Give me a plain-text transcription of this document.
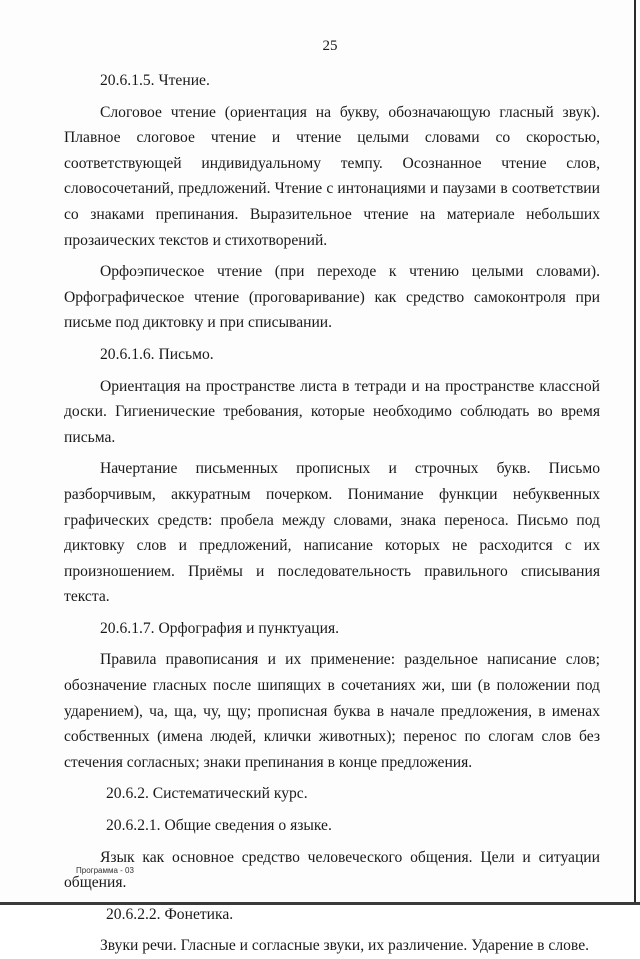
25

20.6.1.5. Чтение.

Слоговое чтение (ориентация на букву, обозначающую гласный звук). Плавное слоговое чтение и чтение целыми словами со скоростью, соответствующей индивидуальному темпу. Осознанное чтение слов, словосочетаний, предложений. Чтение с интонациями и паузами в соответствии со знаками препинания. Выразительное чтение на материале небольших прозаических текстов и стихотворений.

Орфоэпическое чтение (при переходе к чтению целыми словами). Орфографическое чтение (проговаривание) как средство самоконтроля при письме под диктовку и при списывании.

20.6.1.6. Письмо.

Ориентация на пространстве листа в тетради и на пространстве классной доски. Гигиенические требования, которые необходимо соблюдать во время письма.

Начертание письменных прописных и строчных букв. Письмо разборчивым, аккуратным почерком. Понимание функции небуквенных графических средств: пробела между словами, знака переноса. Письмо под диктовку слов и предложений, написание которых не расходится с их произношением. Приёмы и последовательность правильного списывания текста.

20.6.1.7. Орфография и пунктуация.

Правила правописания и их применение: раздельное написание слов; обозначение гласных после шипящих в сочетаниях жи, ши (в положении под ударением), ча, ща, чу, щу; прописная буква в начале предложения, в именах собственных (имена людей, клички животных); перенос по слогам слов без стечения согласных; знаки препинания в конце предложения.

20.6.2. Систематический курс.

20.6.2.1. Общие сведения о языке.

Язык как основное средство человеческого общения. Цели и ситуации общения.

20.6.2.2. Фонетика.

Звуки речи. Гласные и согласные звуки, их различение. Ударение в слове.

Программа - 03
